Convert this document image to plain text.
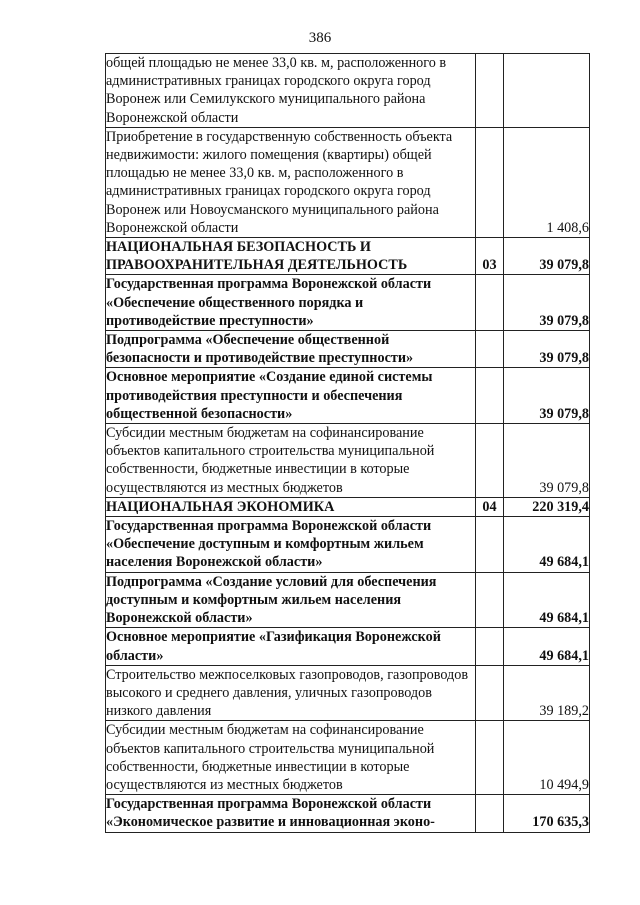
386
общей площадью не менее 33,0 кв. м, расположенного в административных границах городского округа город Воронеж или Семилукского муниципального района Воронежской области		
Приобретение в государственную собственность объекта недвижимости: жилого помещения (квартиры) общей площадью не менее 33,0 кв. м, расположенного в административных границах городского округа город Воронеж или Новоусманского муниципального района Воронежской области		1 408,6
НАЦИОНАЛЬНАЯ БЕЗОПАСНОСТЬ И ПРАВООХРАНИТЕЛЬНАЯ ДЕЯТЕЛЬНОСТЬ	03	39 079,8
Государственная программа Воронежской области «Обеспечение общественного порядка и противодействие преступности»		39 079,8
Подпрограмма «Обеспечение общественной безопасности и противодействие преступности»		39 079,8
Основное мероприятие «Создание единой системы противодействия преступности и обеспечения общественной безопасности»		39 079,8
Субсидии местным бюджетам на софинансирование объектов капитального строительства муниципальной собственности, бюджетные инвестиции в которые осуществляются из местных бюджетов		39 079,8
НАЦИОНАЛЬНАЯ ЭКОНОМИКА	04	220 319,4
Государственная программа Воронежской области «Обеспечение доступным и комфортным жильем населения Воронежской области»		49 684,1
Подпрограмма «Создание условий для обеспечения доступным и комфортным жильем населения Воронежской области»		49 684,1
Основное мероприятие «Газификация Воронежской области»		49 684,1
Строительство межпоселковых газопроводов, газопроводов высокого и среднего давления, уличных газопроводов низкого давления		39 189,2
Субсидии местным бюджетам на софинансирование объектов капитального строительства муниципальной собственности, бюджетные инвестиции в которые осуществляются из местных бюджетов		10 494,9
Государственная программа Воронежской области «Экономическое развитие и инновационная эконо-		170 635,3
